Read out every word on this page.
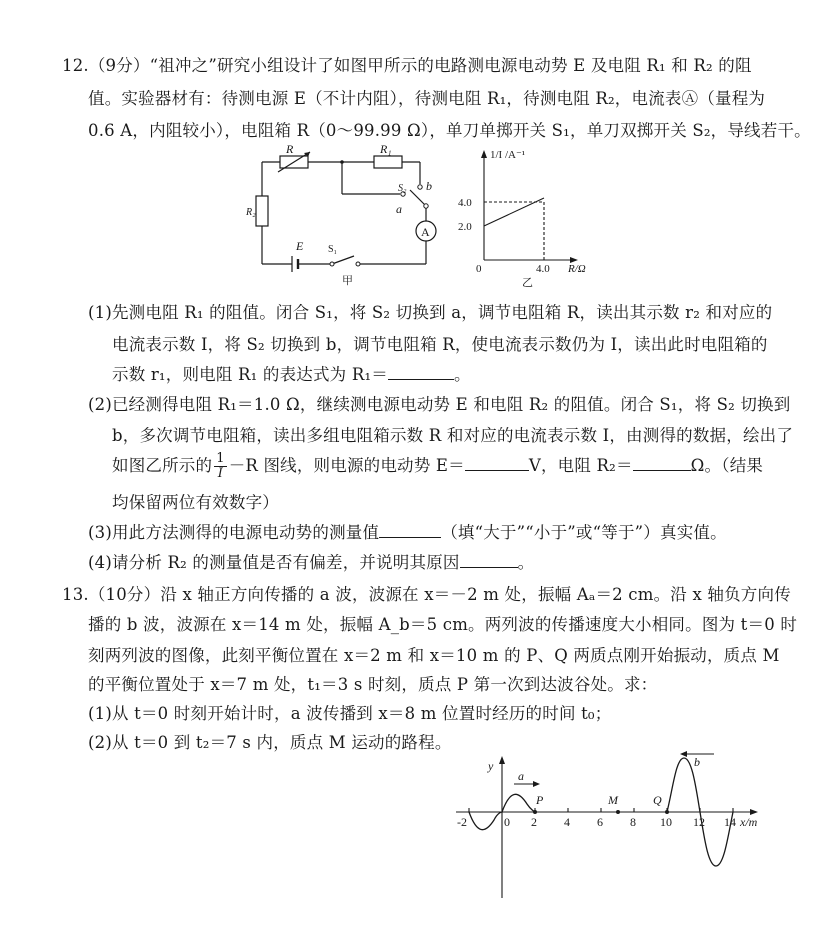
12.（9分）“祖冲之”研究小组设计了如图甲所示的电路测电源电动势 E 及电阻 R₁ 和 R₂ 的阻
值。实验器材有：待测电源 E（不计内阻），待测电阻 R₁，待测电阻 R₂，电流表Ⓐ（量程为
0.6 A，内阻较小），电阻箱 R（0～99.99 Ω），单刀单掷开关 S₁，单刀双掷开关 S₂，导线若干。
R	R₁
R₂
S₂ b
a
A
E S₁
甲
1/I /A⁻¹
4.0
2.0
0	4.0 R/Ω
乙
(1)先测电阻 R₁ 的阻值。闭合 S₁，将 S₂ 切换到 a，调节电阻箱 R，读出其示数 r₂ 和对应的
电流表示数 I，将 S₂ 切换到 b，调节电阻箱 R，使电流表示数仍为 I，读出此时电阻箱的
示数 r₁，则电阻 R₁ 的表达式为 R₁＝	。
(2)已经测得电阻 R₁＝1.0 Ω，继续测电源电动势 E 和电阻 R₂ 的阻值。闭合 S₁，将 S₂ 切换到
b，多次调节电阻箱，读出多组电阻箱示数 R 和对应的电流表示数 I，由测得的数据，绘出了
如图乙所示的 $\frac{1}{I} -R$ 图线，则电源的电动势 E＝	V，电阻 R₂＝	Ω。（结果
均保留两位有效数字）
(3)用此方法测得的电源电动势的测量值	（填“大于”“小于”或“等于”）真实值。
(4)请分析 R₂ 的测量值是否有偏差，并说明其原因	。
13.（10分）沿 x 轴正方向传播的 a 波，波源在 x＝－2 m 处，振幅 Aₐ＝2 cm。沿 x 轴负方向传
播的 b 波，波源在 x＝14 m 处，振幅 A_b＝5 cm。两列波的传播速度大小相同。图为 t＝0 时
刻两列波的图像，此刻平衡位置在 x＝2 m 和 x＝10 m 的 P、Q 两质点刚开始振动，质点 M
的平衡位置处于 x＝7 m 处，t₁＝3 s 时刻，质点 P 第一次到达波谷处。求：
(1)从 t＝0 时刻开始计时，a 波传播到 x＝8 m 位置时经历的时间 t₀；
(2)从 t＝0 到 t₂＝7 s 内，质点 M 运动的路程。
y
a
b
P	M	Q
-2	0 2 4 6 8 10 12 14 x/m
